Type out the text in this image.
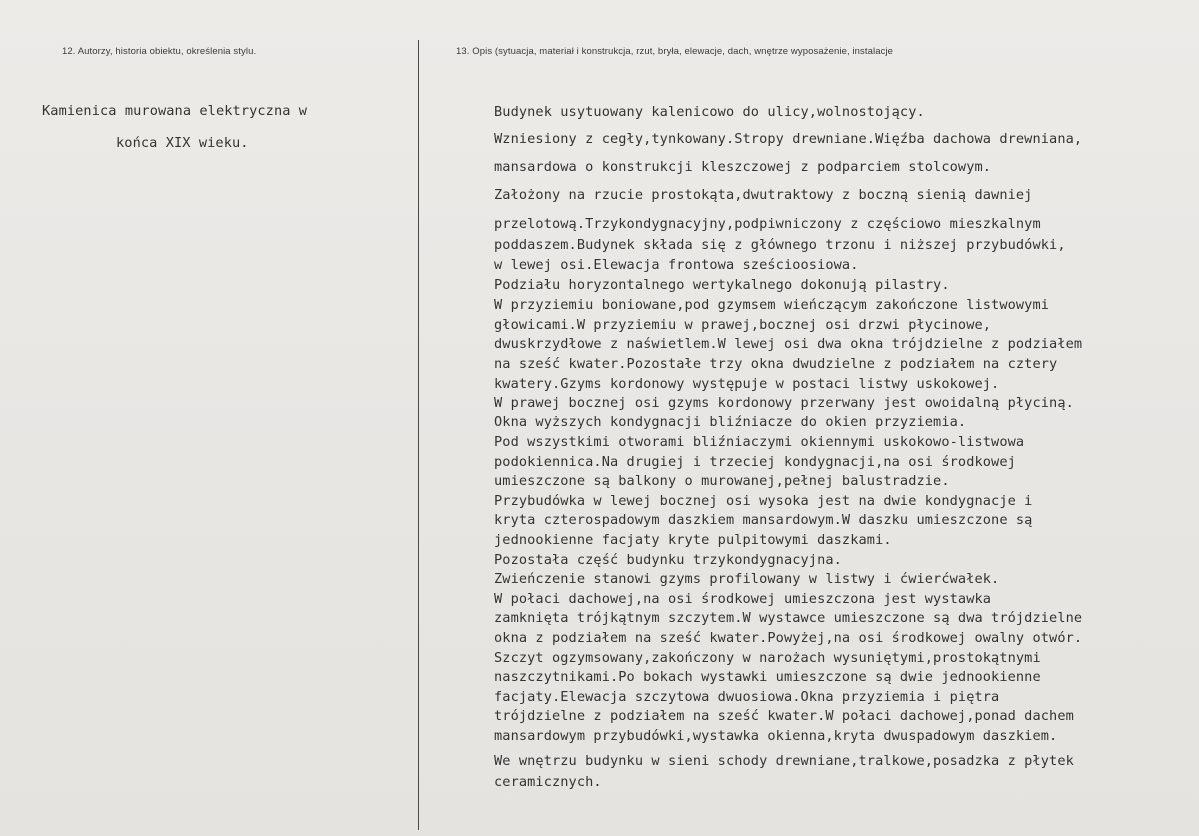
12. Autorzy, historia obiektu, określenia stylu.	13. Opis (sytuacja, materiał i konstrukcja, rzut, bryła, elewacje, dach, wnętrze wyposażenie, instalacje
Kamienica murowana elektryczna w
końca XIX wieku.
Budynek usytuowany kalenicowo do ulicy,wolnostojący.
Wzniesiony z cegły,tynkowany.Stropy drewniane.Więźba dachowa drewniana,
mansardowa o konstrukcji kleszczowej z podparciem stolcowym.
Założony na rzucie prostokąta,dwutraktowy z boczną sienią dawniej
przelotową.Trzykondygnacyjny,podpiwniczony z częściowo mieszkalnym
poddaszem.Budynek składa się z głównego trzonu i niższej przybudówki,
w lewej osi.Elewacja frontowa sześcioosiowa.
Podziału horyzontalnego wertykalnego dokonują pilastry.
W przyziemiu boniowane,pod gzymsem wieńczącym zakończone listwowymi
głowicami.W przyziemiu w prawej,bocznej osi drzwi płycinowe,
dwuskrzydłowe z naświetlem.W lewej osi dwa okna trójdzielne z podziałem
na sześć kwater.Pozostałe trzy okna dwudzielne z podziałem na cztery
kwatery.Gzyms kordonowy występuje w postaci listwy uskokowej.
W prawej bocznej osi gzyms kordonowy przerwany jest owoidalną płyciną.
Okna wyższych kondygnacji bliźniacze do okien przyziemia.
Pod wszystkimi otworami bliźniaczymi okiennymi uskokowo-listwowa
podokiennica.Na drugiej i trzeciej kondygnacji,na osi środkowej
umieszczone są balkony o murowanej,pełnej balustradzie.
Przybudówka w lewej bocznej osi wysoka jest na dwie kondygnacje i
kryta czterospadowym daszkiem mansardowym.W daszku umieszczone są
jednookienne facjaty kryte pulpitowymi daszkami.
Pozostała część budynku trzykondygnacyjna.
Zwieńczenie stanowi gzyms profilowany w listwy i ćwierćwałek.
W połaci dachowej,na osi środkowej umieszczona jest wystawka
zamknięta trójkątnym szczytem.W wystawce umieszczone są dwa trójdzielne
okna z podziałem na sześć kwater.Powyżej,na osi środkowej owalny otwór.
Szczyt ogzymsowany,zakończony w narożach wysuniętymi,prostokątnymi
naszczytnikami.Po bokach wystawki umieszczone są dwie jednookienne
facjaty.Elewacja szczytowa dwuosiowa.Okna przyziemia i piętra
trójdzielne z podziałem na sześć kwater.W połaci dachowej,ponad dachem
mansardowym przybudówki,wystawka okienna,kryta dwuspadowym daszkiem.
We wnętrzu budynku w sieni schody drewniane,tralkowe,posadzka z płytek
ceramicznych.
